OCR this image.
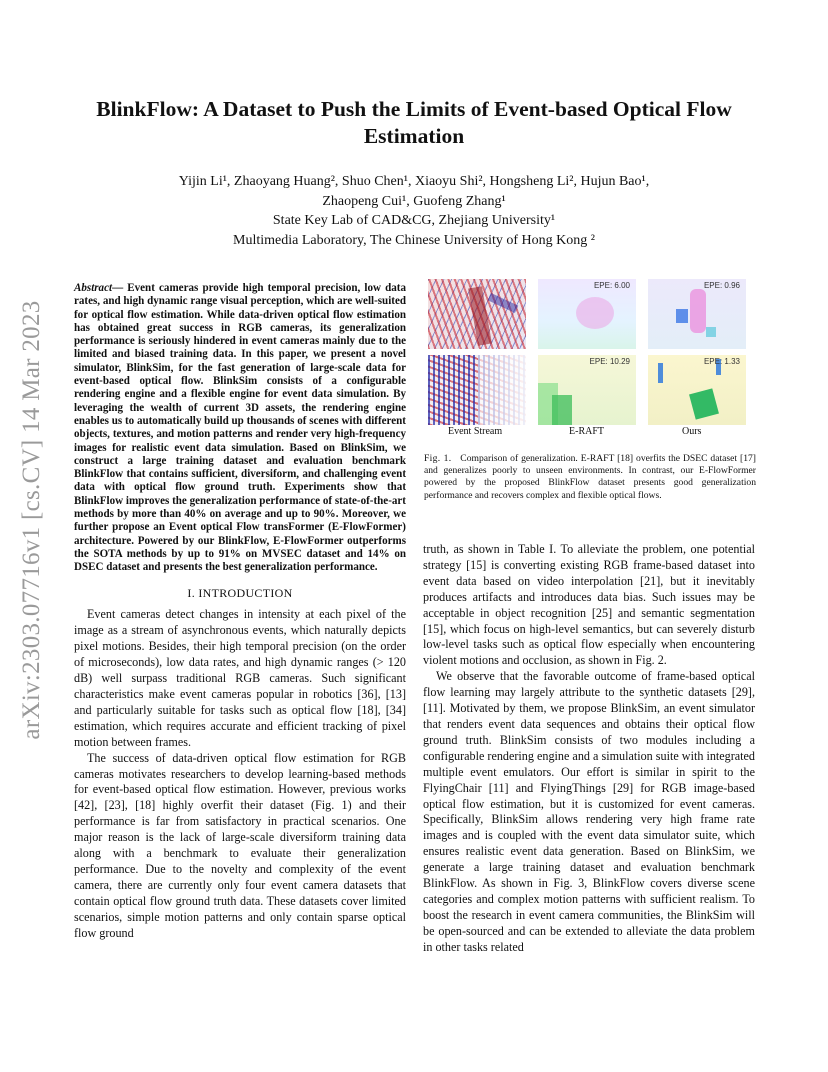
arXiv:2303.07716v1 [cs.CV] 14 Mar 2023
BlinkFlow: A Dataset to Push the Limits of Event-based Optical Flow Estimation
Yijin Li¹, Zhaoyang Huang², Shuo Chen¹, Xiaoyu Shi², Hongsheng Li², Hujun Bao¹,
Zhaopeng Cui¹, Guofeng Zhang¹
State Key Lab of CAD&CG, Zhejiang University¹
Multimedia Laboratory, The Chinese University of Hong Kong ²
Abstract— Event cameras provide high temporal precision, low data rates, and high dynamic range visual perception, which are well-suited for optical flow estimation. While data-driven optical flow estimation has obtained great success in RGB cameras, its generalization performance is seriously hindered in event cameras mainly due to the limited and biased training data. In this paper, we present a novel simulator, BlinkSim, for the fast generation of large-scale data for event-based optical flow. BlinkSim consists of a configurable rendering engine and a flexible engine for event data simulation. By leveraging the wealth of current 3D assets, the rendering engine enables us to automatically build up thousands of scenes with different objects, textures, and motion patterns and render very high-frequency images for realistic event data simulation. Based on BlinkSim, we construct a large training dataset and evaluation benchmark BlinkFlow that contains sufficient, diversiform, and challenging event data with optical flow ground truth. Experiments show that BlinkFlow improves the generalization performance of state-of-the-art methods by more than 40% on average and up to 90%. Moreover, we further propose an Event optical Flow transFormer (E-FlowFormer) architecture. Powered by our BlinkFlow, E-FlowFormer outperforms the SOTA methods by up to 91% on MVSEC dataset and 14% on DSEC dataset and presents the best generalization performance.
I. INTRODUCTION

Event cameras detect changes in intensity at each pixel of the image as a stream of asynchronous events, which naturally depicts pixel motions. Besides, their high temporal precision (on the order of microseconds), low data rates, and high dynamic ranges (> 120 dB) well surpass traditional RGB cameras. Such significant characteristics make event cameras popular in robotics [36], [13] and particularly suitable for tasks such as optical flow [18], [34] estimation, which requires accurate and efficient tracking of pixel motion between frames.

The success of data-driven optical flow estimation for RGB cameras motivates researchers to develop learning-based methods for event-based optical flow estimation. However, previous works [42], [23], [18] highly overfit their dataset (Fig. 1) and their performance is far from satisfactory in practical scenarios. One major reason is the lack of large-scale diversiform training data along with a benchmark to evaluate their generalization performance. Due to the novelty and complexity of the event camera, there are currently only four event camera datasets that contain optical flow ground truth data. These datasets cover limited scenarios, simple motion patterns and only contain sparse optical flow ground

EPE: 6.00	EPE: 0.96
EPE: 10.29	EPE: 1.33
Event Stream	E-RAFT	Ours
Fig. 1. Comparison of generalization. E-RAFT [18] overfits the DSEC dataset [17] and generalizes poorly to unseen environments. In contrast, our E-FlowFormer powered by the proposed BlinkFlow dataset presents good generalization performance and recovers complex and flexible optical flows.

truth, as shown in Table I. To alleviate the problem, one potential strategy [15] is converting existing RGB frame-based dataset into event data based on video interpolation [21], but it inevitably produces artifacts and introduces data bias. Such issues may be acceptable in object recognition [25] and semantic segmentation [15], which focus on high-level semantics, but can severely disturb low-level tasks such as optical flow especially when encountering violent motions and occlusion, as shown in Fig. 2.

We observe that the favorable outcome of frame-based optical flow learning may largely attribute to the synthetic datasets [29], [11]. Motivated by them, we propose BlinkSim, an event simulator that renders event data sequences and obtains their optical flow ground truth. BlinkSim consists of two modules including a configurable rendering engine and a simulation suite with integrated multiple event emulators. Our effort is similar in spirit to the FlyingChair [11] and FlyingThings [29] for RGB image-based optical flow estimation, but it is customized for event cameras. Specifically, BlinkSim allows rendering very high frame rate images and is coupled with the event data simulator suite, which ensures realistic event data generation. Based on BlinkSim, we generate a large training dataset and evaluation benchmark BlinkFlow. As shown in Fig. 3, BlinkFlow covers diverse scene categories and complex motion patterns with sufficient realism. To boost the research in event camera communities, the BlinkSim will be open-sourced and can be extended to alleviate the data problem in other tasks related
